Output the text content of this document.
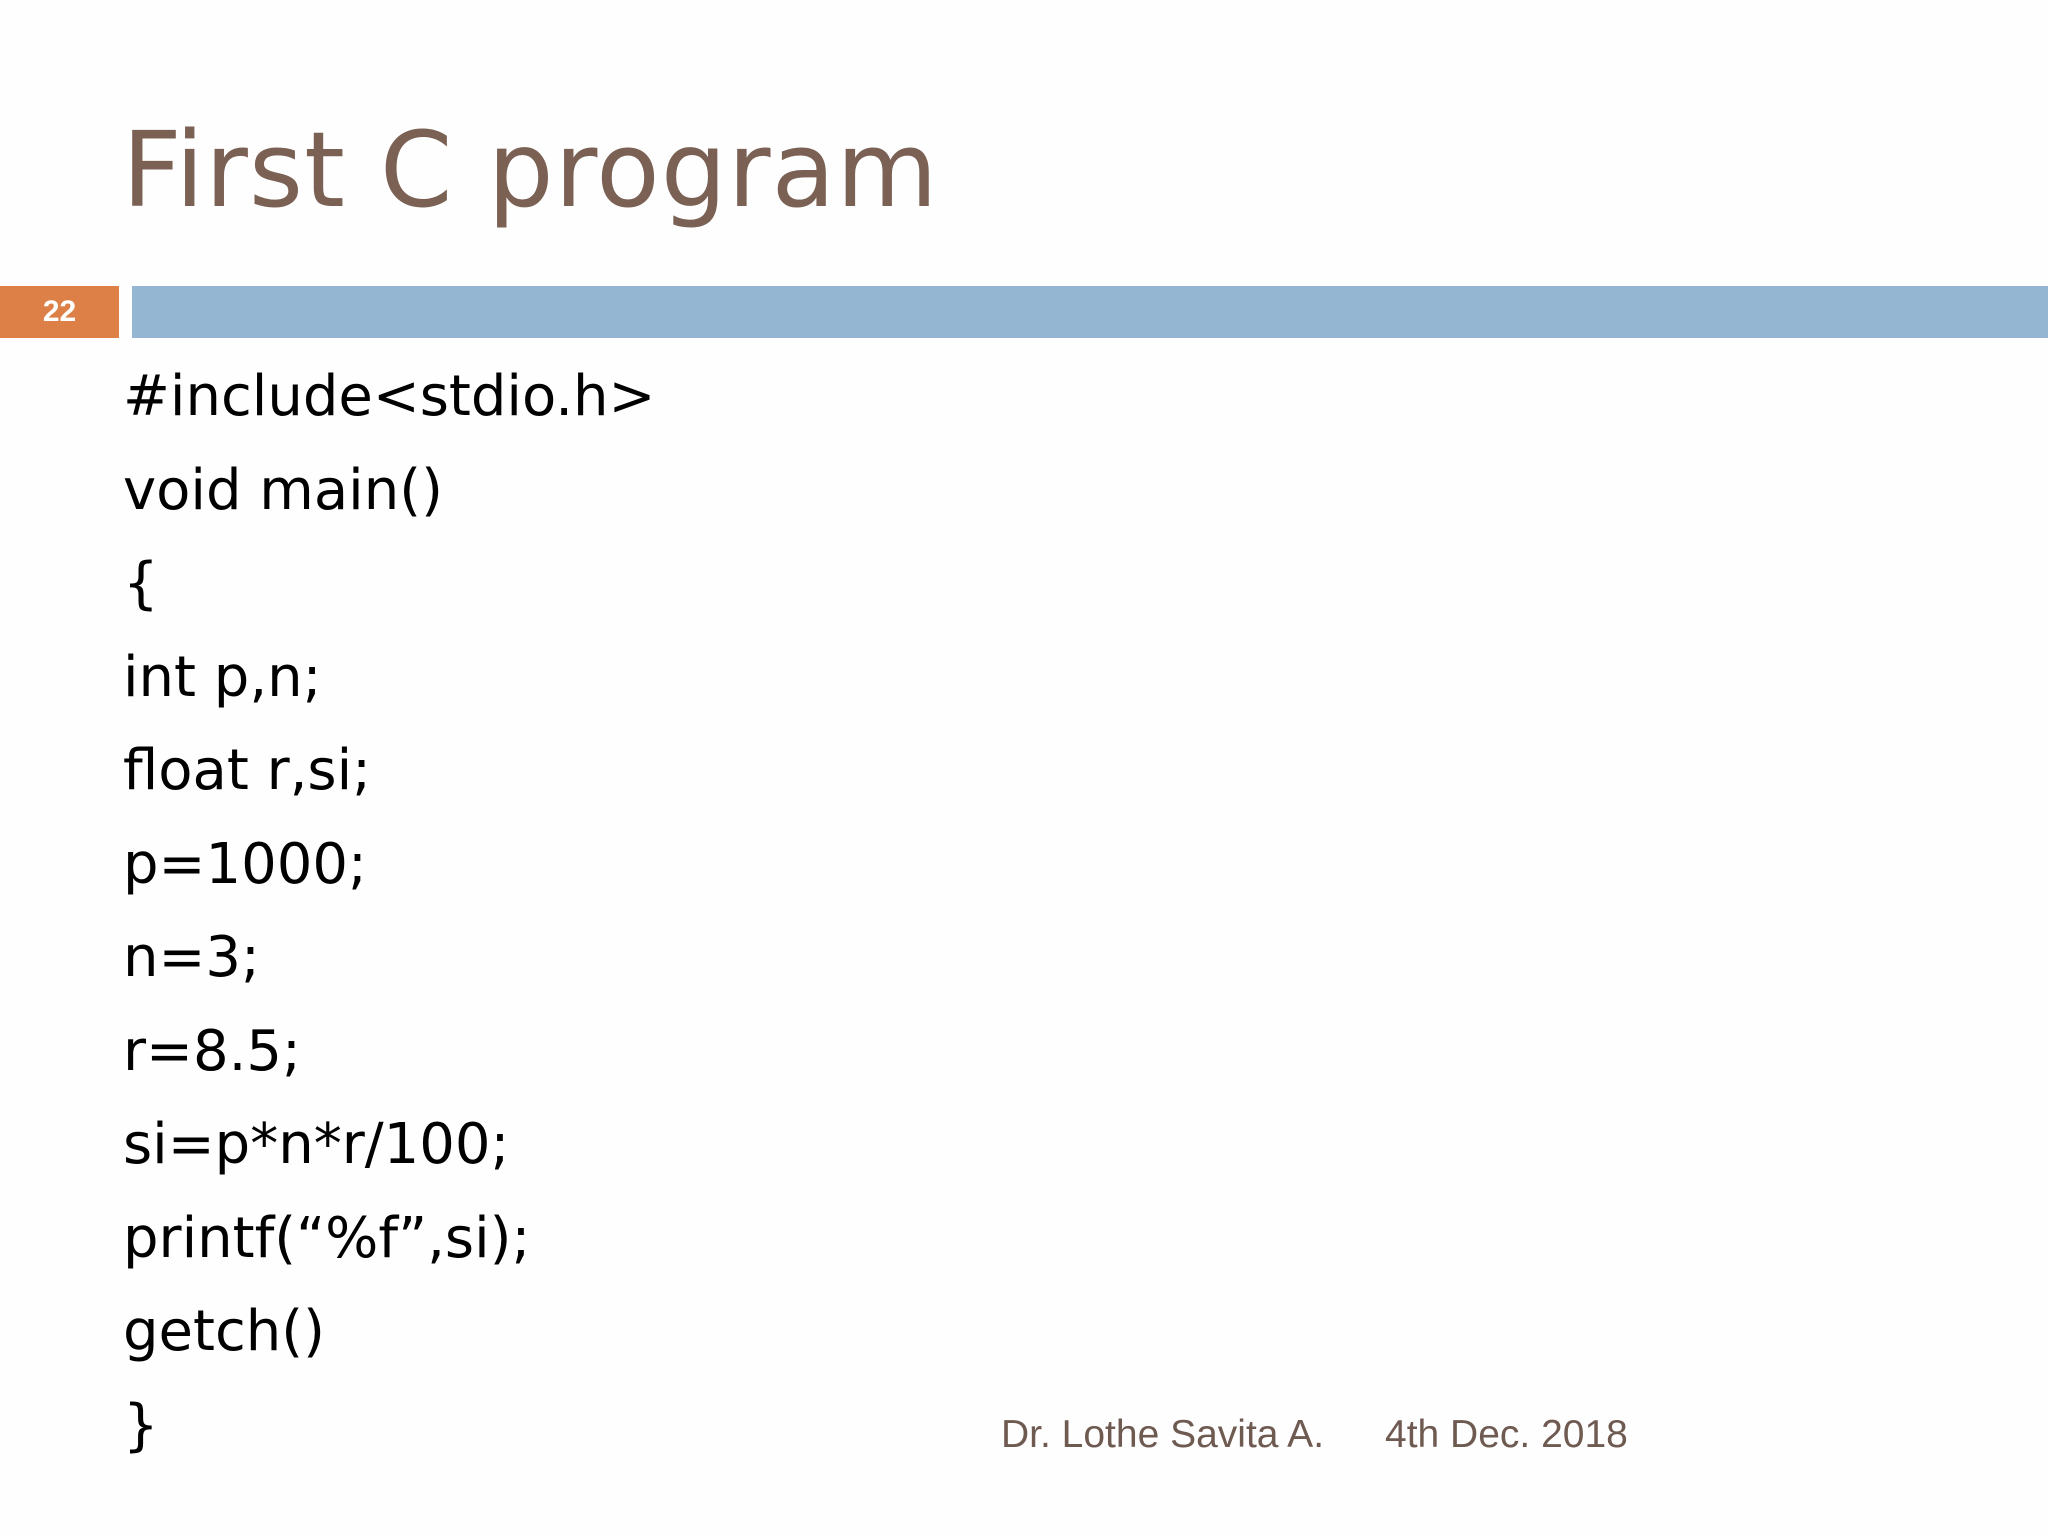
First C program
22
#include<stdio.h>
void main()
{
int p,n;
float r,si;
p=1000;
n=3;
r=8.5;
si=p*n*r/100;
printf(“%f”,si);
getch()
}	Dr. Lothe Savita A. 4th Dec. 2018
